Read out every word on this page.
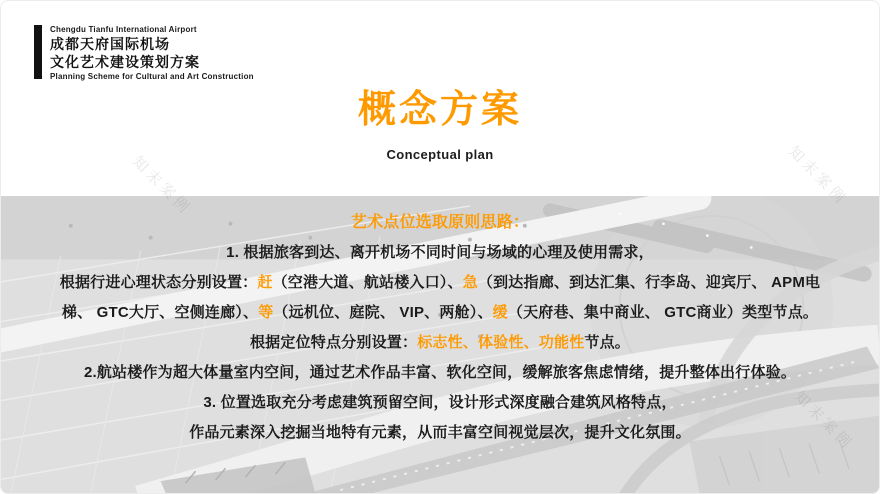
Chengdu Tianfu International Airport
成都天府国际机场
文化艺术建设策划方案
Planning Scheme for Cultural and Art Construction
概念方案
Conceptual plan
知末案例	知末案例
艺术点位选取原则思路：
1. 根据旅客到达、离开机场不同时间与场域的心理及使用需求，
根据行进心理状态分别设置：赶（空港大道、航站楼入口）、急（到达指廊、到达汇集、行李岛、迎宾厅、 APM电
梯、 GTC大厅、空侧连廊）、等（远机位、庭院、 VIP、两舱）、缓（天府巷、集中商业、 GTC商业）类型节点。
根据定位特点分别设置：标志性、体验性、功能性节点。
2.航站楼作为超大体量室内空间，通过艺术作品丰富、软化空间，缓解旅客焦虑情绪，提升整体出行体验。
3. 位置选取充分考虑建筑预留空间，设计形式深度融合建筑风格特点，
作品元素深入挖掘当地特有元素，从而丰富空间视觉层次，提升文化氛围。
